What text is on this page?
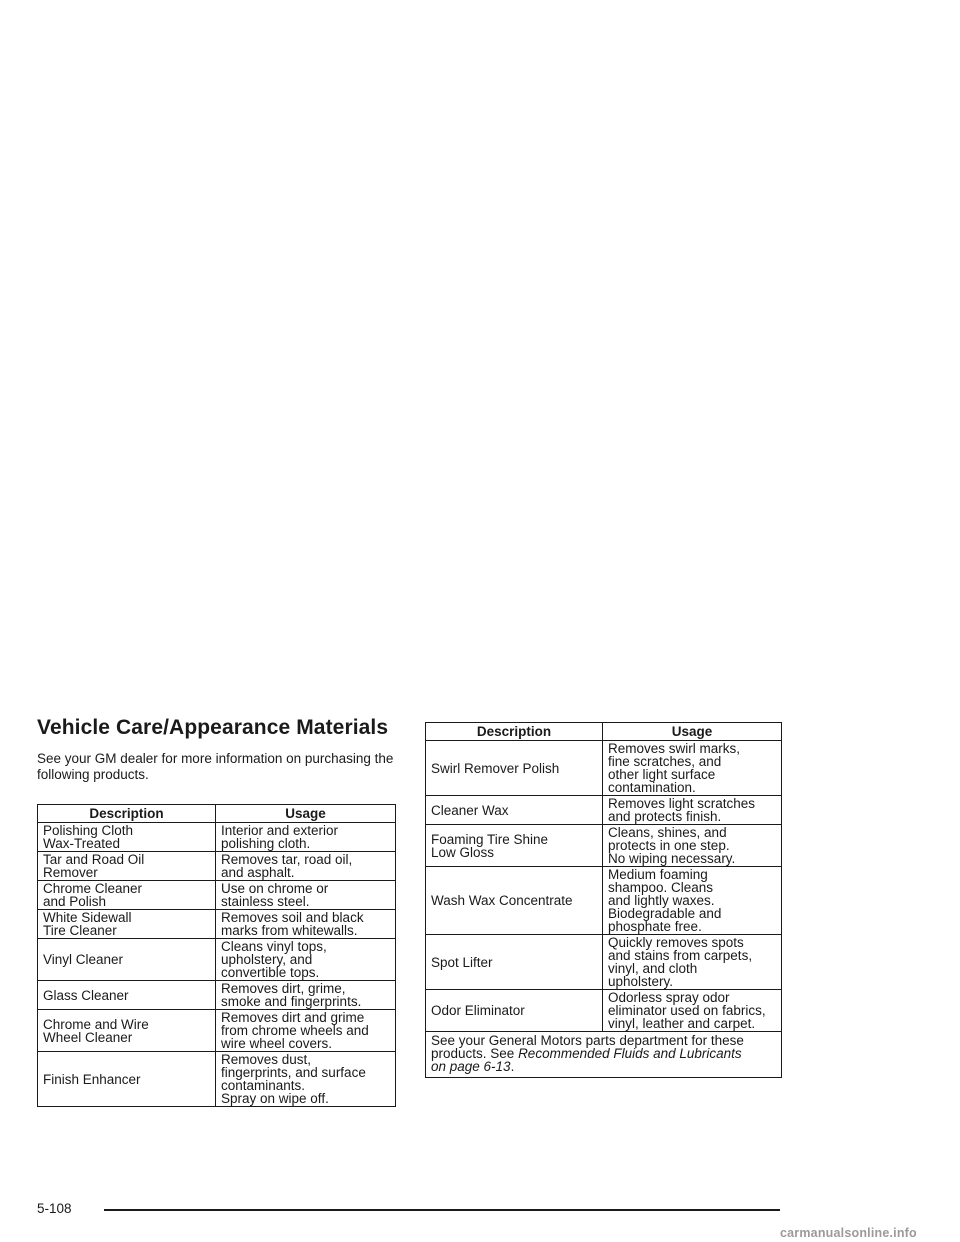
Vehicle Care/Appearance Materials

See your GM dealer for more information on purchasing the following products.

Description	Usage

Polishing Cloth
Wax-Treated	Interior and exterior
polishing cloth.

Tar and Road Oil
Remover	Removes tar, road oil,
and asphalt.

Chrome Cleaner
and Polish	Use on chrome or
stainless steel.

White Sidewall
Tire Cleaner	Removes soil and black
marks from whitewalls.

Vinyl Cleaner	Cleans vinyl tops,
upholstery, and
convertible tops.

Glass Cleaner	Removes dirt, grime,
smoke and fingerprints.

Chrome and Wire
Wheel Cleaner	Removes dirt and grime
from chrome wheels and
wire wheel covers.

Finish Enhancer	Removes dust,
fingerprints, and surface
contaminants.
Spray on wipe off.
Description	Usage

Swirl Remover Polish	Removes swirl marks,
fine scratches, and
other light surface
contamination.

Cleaner Wax	Removes light scratches
and protects finish.

Foaming Tire Shine
Low Gloss	Cleans, shines, and
protects in one step.
No wiping necessary.

Wash Wax Concentrate	Medium foaming
shampoo. Cleans
and lightly waxes.
Biodegradable and
phosphate free.

Spot Lifter	Quickly removes spots
and stains from carpets,
vinyl, and cloth
upholstery.

Odor Eliminator	Odorless spray odor
eliminator used on fabrics,
vinyl, leather and carpet.

See your General Motors parts department for these
products. See Recommended Fluids and Lubricants
on page 6-13.	
5-108
carmanualsonline.info
